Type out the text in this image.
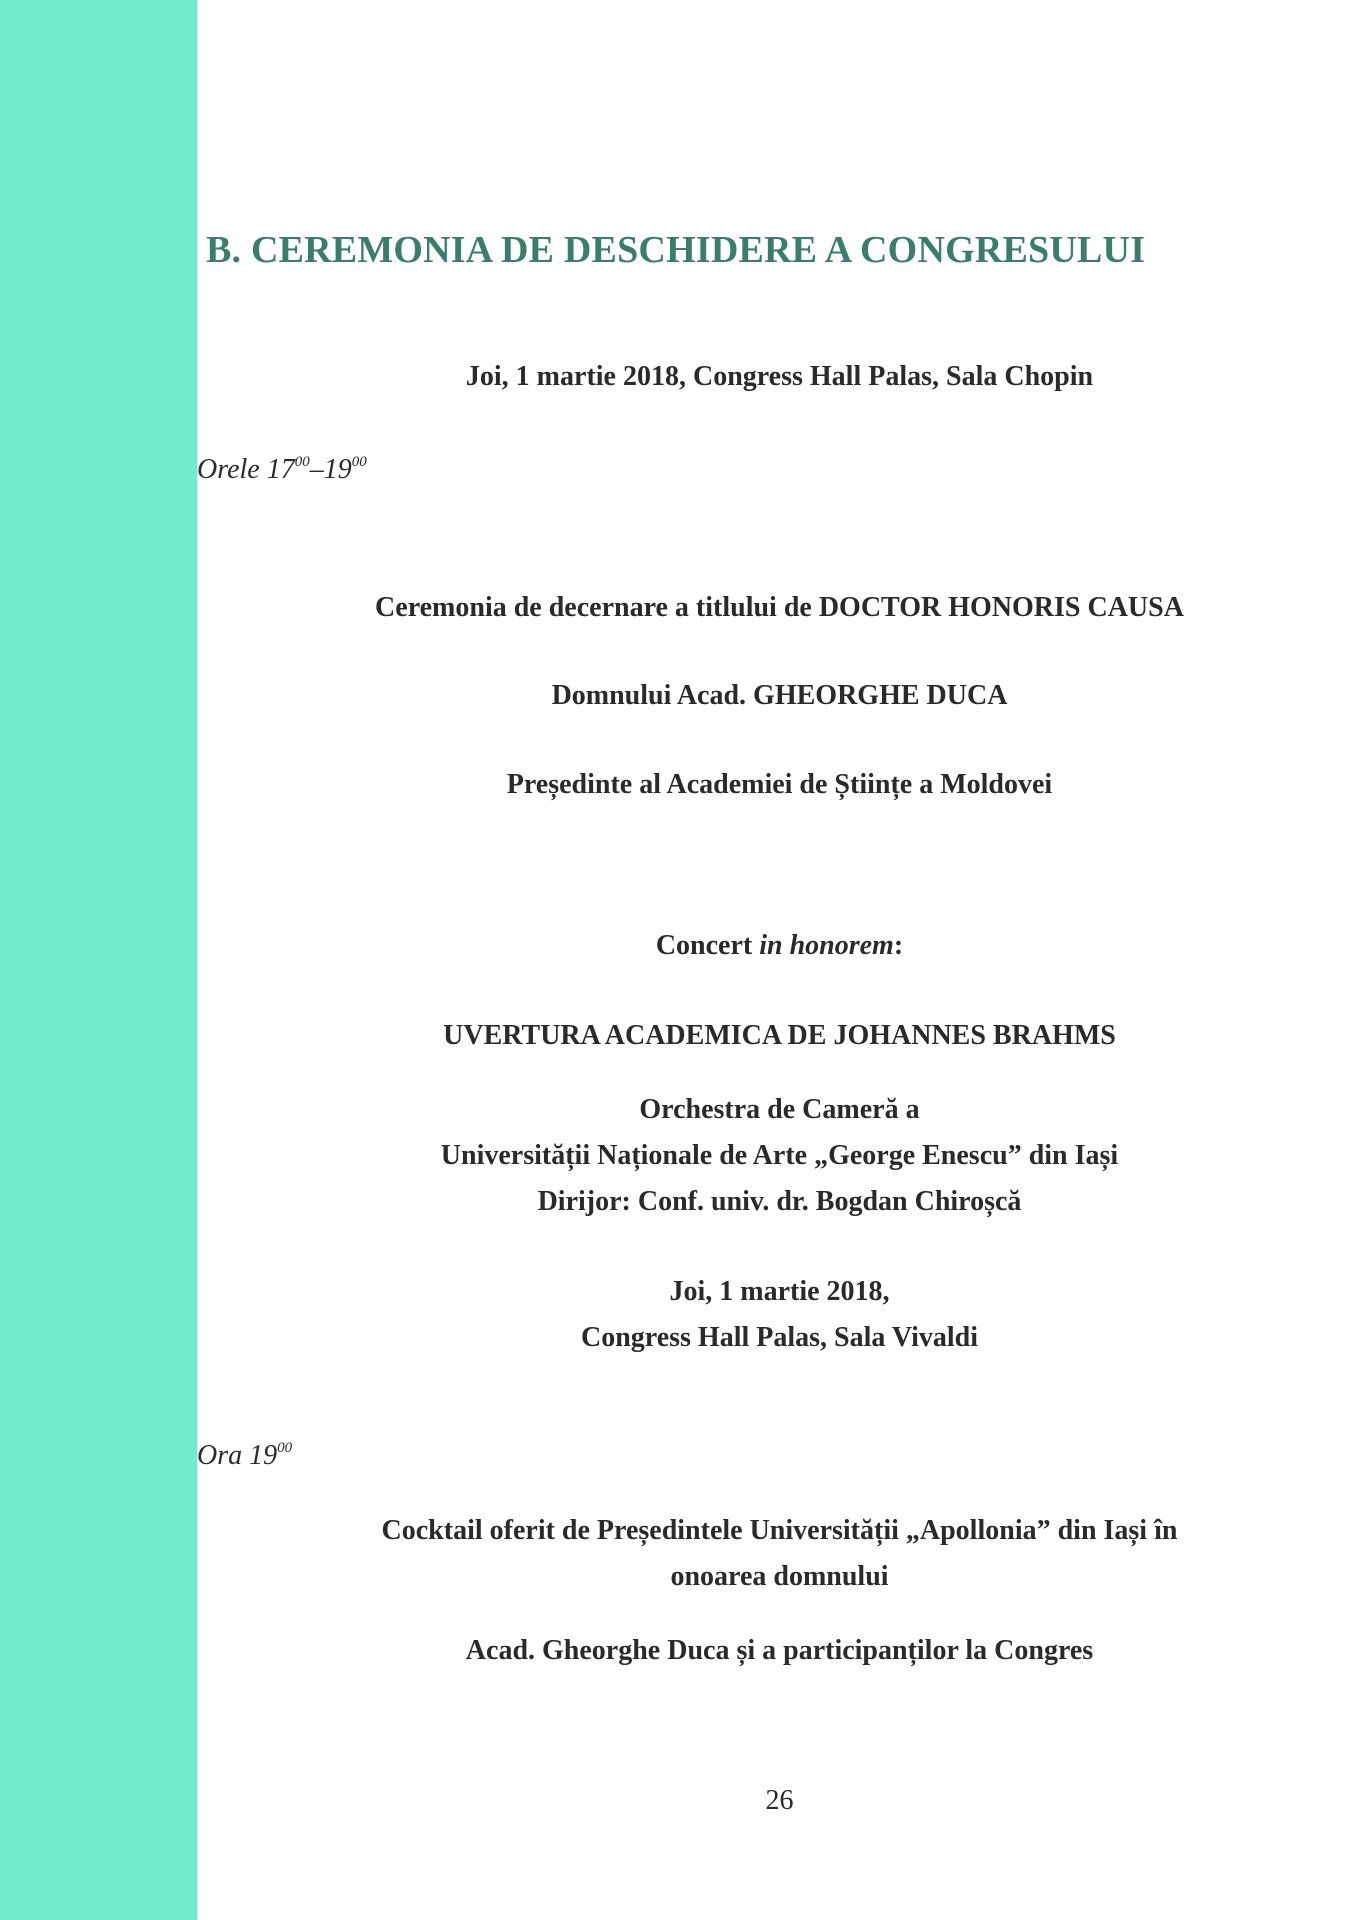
B. CEREMONIA DE DESCHIDERE A CONGRESULUI
Joi, 1 martie 2018, Congress Hall Palas, Sala Chopin
Orele $17^{00}-19^{00}$
Ceremonia de decernare a titlului de DOCTOR HONORIS CAUSA
Domnului Acad. GHEORGHE DUCA
Președinte al Academiei de Științe a Moldovei
Concert in honorem:
UVERTURA ACADEMICA DE JOHANNES BRAHMS
Orchestra de Cameră a
Universității Naționale de Arte „George Enescu” din Iași
Dirijor: Conf. univ. dr. Bogdan Chiroșcă
Joi, 1 martie 2018,
Congress Hall Palas, Sala Vivaldi
Ora $19^{00}$
Cocktail oferit de Președintele Universității „Apollonia” din Iași în
onoarea domnului
Acad. Gheorghe Duca și a participanților la Congres
26
